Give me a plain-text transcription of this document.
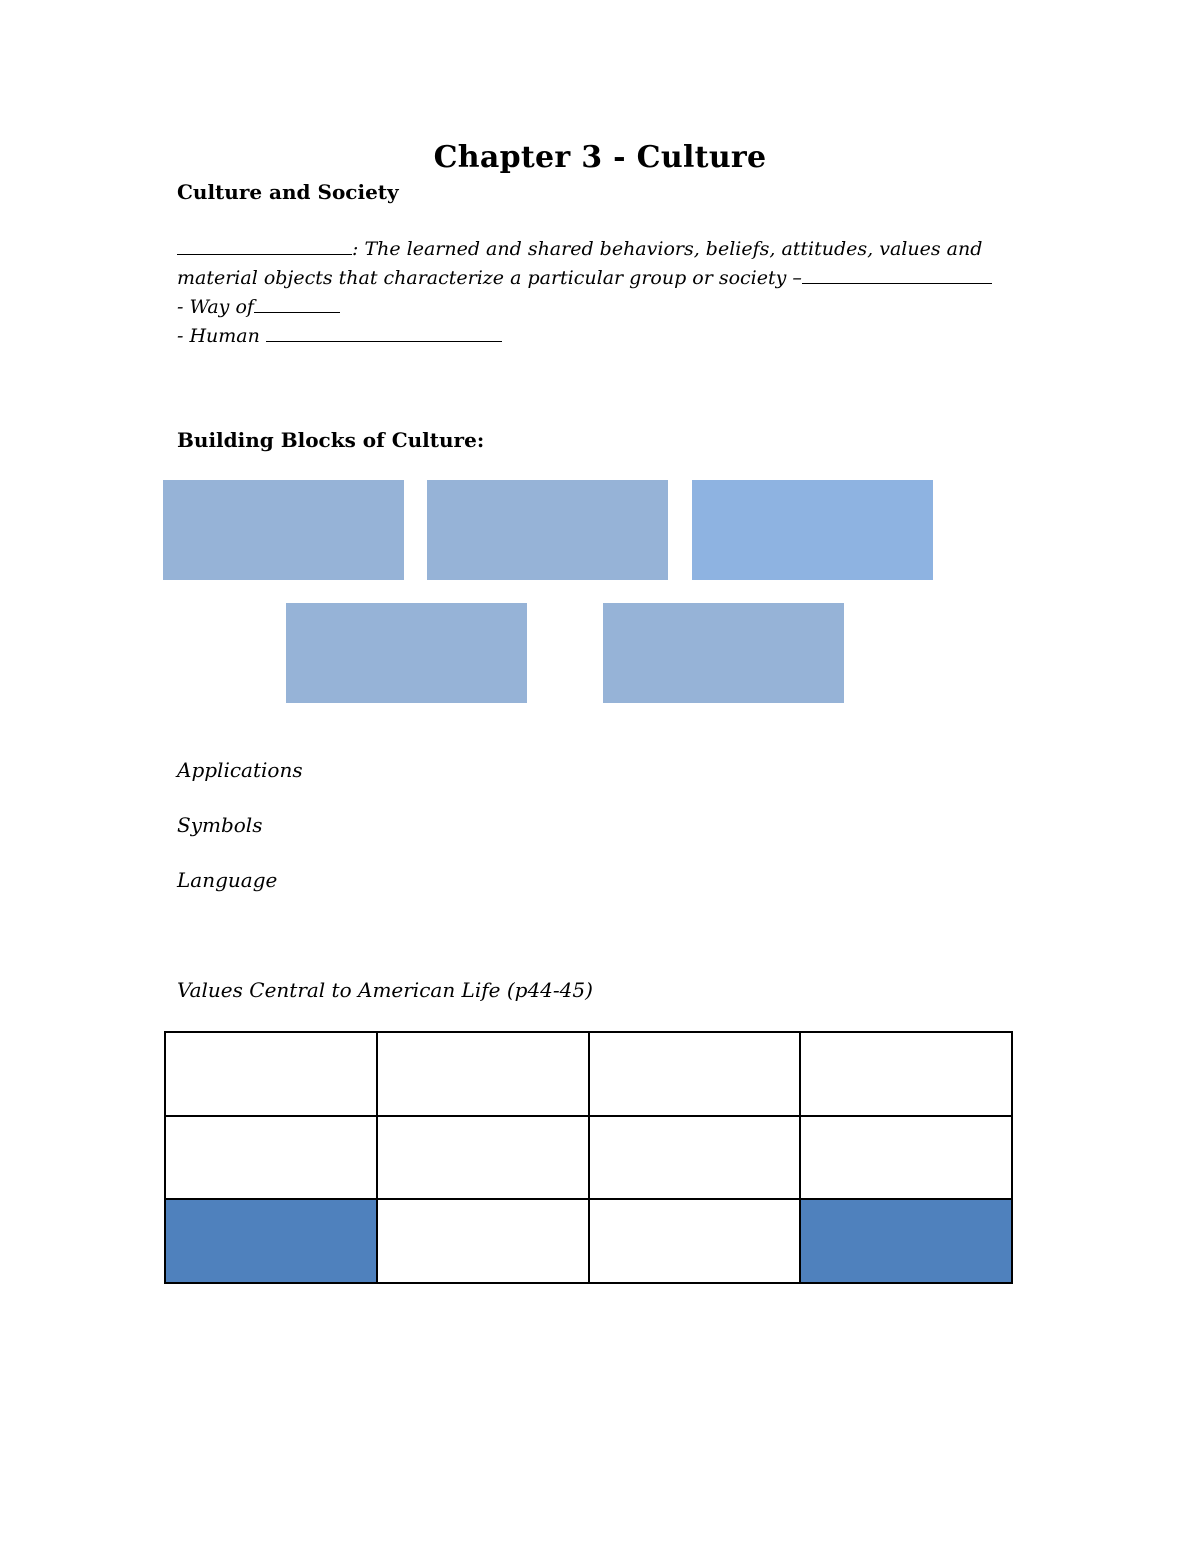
Chapter 3 - Culture
Culture and Society
: The learned and shared behaviors, beliefs, attitudes, values and
material objects that characterize a particular group or society –
- Way of
- Human
Building Blocks of Culture:
Applications
Symbols
Language
Values Central to American Life (p44-45)
